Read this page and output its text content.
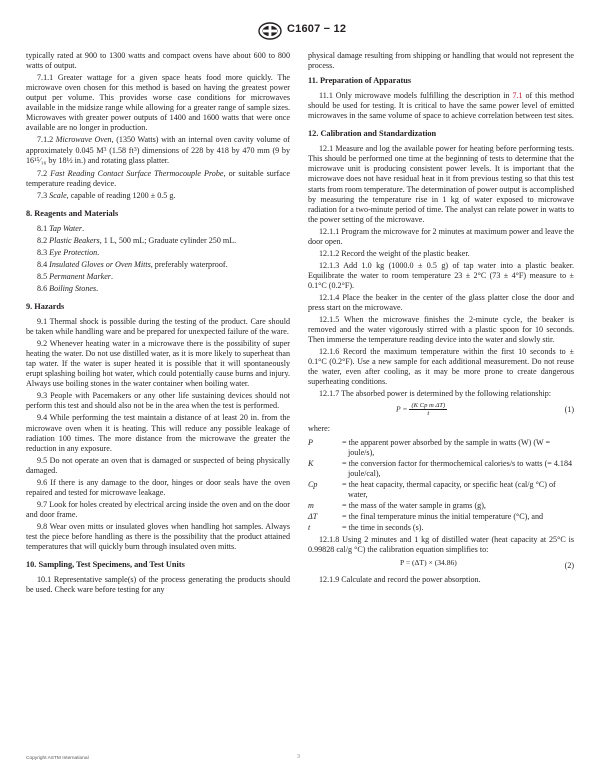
C1607 − 12

typically rated at 900 to 1300 watts and compact ovens have about 600 to 800 watts of output.

7.1.1 Greater wattage for a given space heats food more quickly. The microwave oven chosen for this method is based on having the greatest power output per volume. This provides worse case conditions for microwaves available in the midsize range while allowing for a greater range of sample sizes. Microwaves with greater power outputs of 1400 and 1600 watts that were once available are no longer in production.

7.1.2 Microwave Oven, (1350 Watts) with an internal oven cavity volume of approximately 0.045 $M^3$ (1.58 $ft^3$) dimensions of 228 by 418 by 470 mm (9 by 16¹⁵⁄₁₆ by 18½ in.) and rotating glass platter.

7.2 Fast Reading Contact Surface Thermocouple Probe, or suitable surface temperature reading device.

7.3 Scale, capable of reading 1200 ± 0.5 g.

8. Reagents and Materials

8.1 Tap Water.

8.2 Plastic Beakers, 1 L, 500 mL; Graduate cylinder 250 mL.

8.3 Eye Protection.

8.4 Insulated Gloves or Oven Mitts, preferably waterproof.

8.5 Permanent Marker.

8.6 Boiling Stones.

9. Hazards

9.1 Thermal shock is possible during the testing of the product. Care should be taken while handling ware and be prepared for unexpected failure of the ware.

9.2 Whenever heating water in a microwave there is the possibility of super heating the water. Do not use distilled water, as it is more likely to superheat than tap water. If the water is super heated it is possible that it will spontaneously erupt splashing boiling hot water, which could potentially cause burns and injury. Always use boiling stones in the water container when boiling water.

9.3 People with Pacemakers or any other life sustaining devices should not perform this test and should also not be in the area when the test is performed.

9.4 While performing the test maintain a distance of at least 20 in. from the microwave oven when it is heating. This will reduce any possible leakage of radiation 100 times. The more distance from the microwave the greater the reduction in any exposure.

9.5 Do not operate an oven that is damaged or suspected of being physically damaged.

9.6 If there is any damage to the door, hinges or door seals have the oven repaired and tested for microwave leakage.

9.7 Look for holes created by electrical arcing inside the oven and on the door and door frame.

9.8 Wear oven mitts or insulated gloves when handling hot samples. Always test the piece before handling as there is the possibility that the product attained temperatures that will quickly burn through insulated oven mitts.

10. Sampling, Test Specimens, and Test Units

10.1 Representative sample(s) of the process generating the products should be used. Check ware before testing for any

physical damage resulting from shipping or handling that would not represent the process.

11. Preparation of Apparatus

11.1 Only microwave models fulfilling the description in 7.1 of this method should be used for testing. It is critical to have the same power level of emitted microwaves in the same volume of space to achieve correlation between test sites.

12. Calibration and Standardization

12.1 Measure and log the available power for heating before performing tests. This should be performed one time at the beginning of tests to determine that the microwave unit is producing consistent power levels. It is important that the microwave does not have residual heat in it from previous testing so that this test starts from room temperature. The determination of power output is accomplished by measuring the temperature rise in 1 kg of water exposed to microwave radiation for a two-minute period of time. The analyst can relate power in watts to the power setting of the microwave.

12.1.1 Program the microwave for 2 minutes at maximum power and leave the door open.

12.1.2 Record the weight of the plastic beaker.

12.1.3 Add 1.0 kg (1000.0 ± 0.5 g) of tap water into a plastic beaker. Equilibrate the water to room temperature 23 ± 2°C (73 ± 4°F) measure to ± 0.1°C (0.2°F).

12.1.4 Place the beaker in the center of the glass platter close the door and press start on the microwave.

12.1.5 When the microwave finishes the 2-minute cycle, the beaker is removed and the water vigorously stirred with a plastic spoon for 10 seconds. Then immerse the temperature reading device into the water and slowly stir.

12.1.6 Record the maximum temperature within the first 10 seconds to ± 0.1°C (0.2°F). Use a new sample for each additional measurement. Do not reuse the water, even after cooling, as it may be more prone to create dangerous superheating conditions.

12.1.7 The absorbed power is determined by the following relationship:

$P = \frac{\text{(K Cp m ΔT)}}{t}$	(1)

where:

P	= the apparent power absorbed by the sample in watts (W) (W = joule/s),
K	= the conversion factor for thermochemical calories/s to watts (= 4.184 joule/cal),
Cp	= the heat capacity, thermal capacity, or specific heat (cal/g °C) of water,
m	= the mass of the water sample in grams (g),
ΔT	= the final temperature minus the initial temperature (°C), and
t	= the time in seconds (s).

12.1.8 Using 2 minutes and 1 kg of distilled water (heat capacity at 25°C is 0.99828 cal/g °C) the calibration equation simplifies to:

P = (ΔT) × (34.86)	(2)

12.1.9 Calculate and record the power absorption.

Copyright ASTM International	3
